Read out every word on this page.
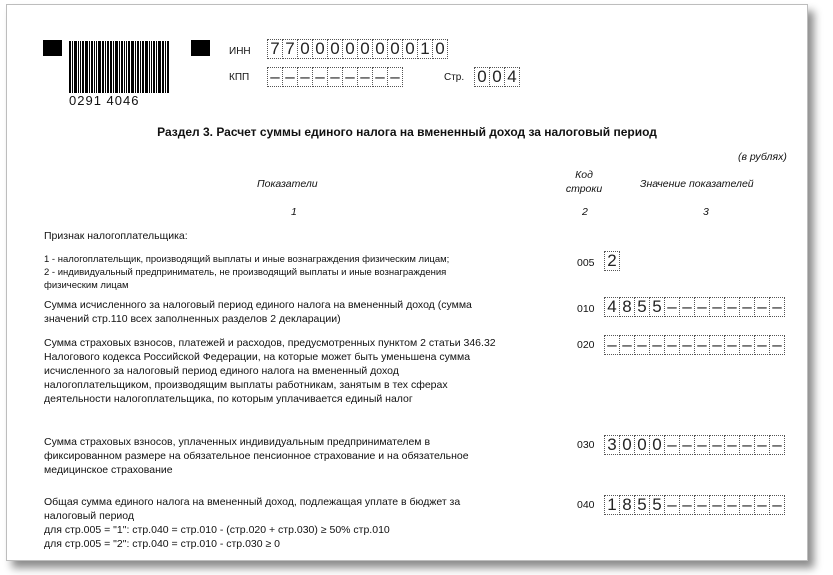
0291 4046
ИНН 7 7 0 0 0 0 0 0 0 0 1 0
КПП – – – – – – – – –	Стр. 0 0 4
Раздел 3. Расчет суммы единого налога на вмененный доход за налоговый период
(в рублях)
Показатели
Код
строки	Значение показателей
1	2	3
Признак налогоплательщика:
1 - налогоплательщик, производящий выплаты и иные вознаграждения физическим лицам;
2 - индивидуальный предприниматель, не производящий выплаты и иные вознаграждения
физическим лицам
005 2
Сумма исчисленного за налоговый период единого налога на вмененный доход (сумма
значений стр.110 всех заполненных разделов 2 декларации)
010 4 8 5 5 – – – – – – – –
Сумма страховых взносов, платежей и расходов, предусмотренных пунктом 2 статьи 346.32
Налогового кодекса Российской Федерации, на которые может быть уменьшена сумма
исчисленного за налоговый период единого налога на вмененный доход
налогоплательщиком, производящим выплаты работникам, занятым в тех сферах
деятельности налогоплательщика, по которым уплачивается единый налог
020 – – – – – – – – – – – –
Сумма страховых взносов, уплаченных индивидуальным предпринимателем в
фиксированном размере на обязательное пенсионное страхование и на обязательное
медицинское страхование
030 3 0 0 0 – – – – – – – –
Общая сумма единого налога на вмененный доход, подлежащая уплате в бюджет за
налоговый период
для стр.005 = "1": стр.040 = стр.010 - (стр.020 + стр.030) ≥ 50% стр.010
для стр.005 = "2": стр.040 = стр.010 - стр.030 ≥ 0
040 1 8 5 5 – – – – – – – –
